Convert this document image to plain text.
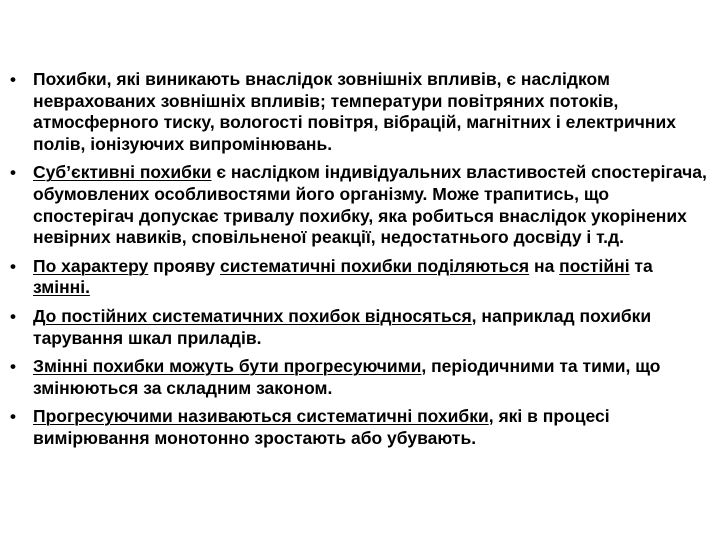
• Похибки, які виникають внаслідок зовнішніх впливів, є наслідком неврахованих зовнішніх впливів; температури повітряних потоків, атмосферного тиску, вологості повітря, вібрацій, магнітних і електричних полів, іонізуючих випромінювань.
• Суб’єктивні похибки є наслідком індивідуальних властивостей спостерігача, обумовлених особливостями його організму. Може трапитись, що спостерігач допускає тривалу похибку, яка робиться внаслідок укорінених невірних навиків, сповільненої реакції, недостатнього досвіду і т.д.
• По характеру прояву систематичні похибки поділяються на постійні та змінні.
• До постійних систематичних похибок відносяться, наприклад похибки тарування шкал приладів.
• Змінні похибки можуть бути прогресуючими, періодичними та тими, що змінюються за складним законом.
• Прогресуючими називаються систематичні похибки, які в процесі вимірювання монотонно зростають або убувають.
